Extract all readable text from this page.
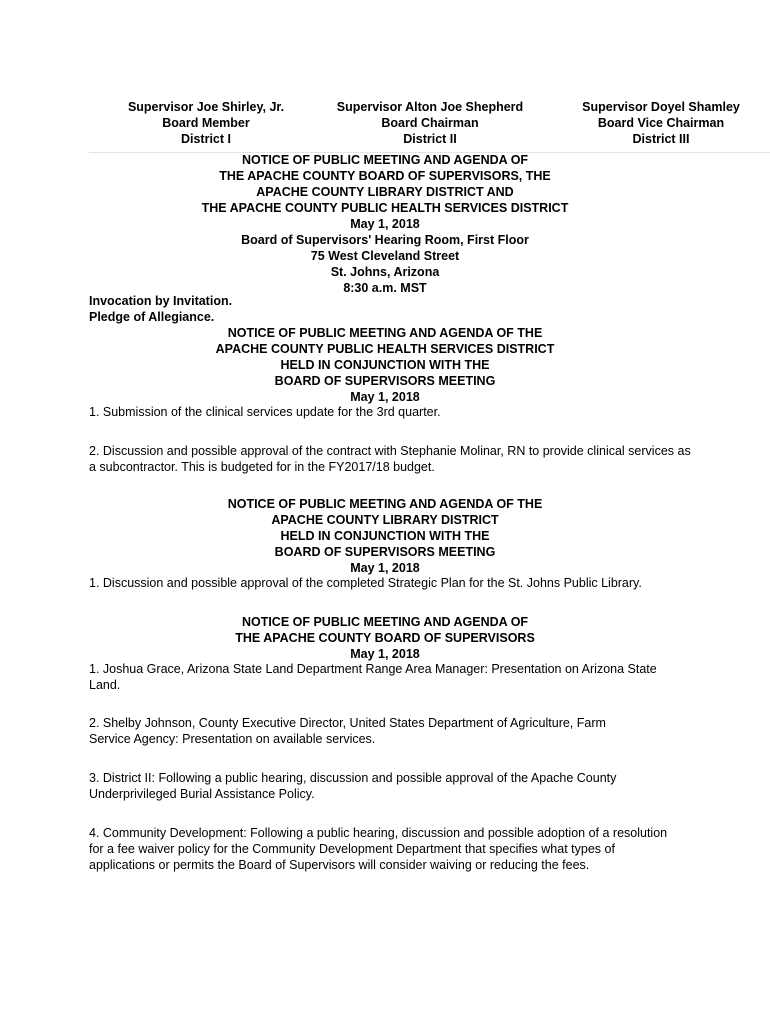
Supervisor Joe Shirley, Jr.
Board Member
District I
Supervisor Alton Joe Shepherd
Board Chairman
District II
Supervisor Doyel Shamley
Board Vice Chairman
District III
NOTICE OF PUBLIC MEETING AND AGENDA OF
THE APACHE COUNTY BOARD OF SUPERVISORS, THE
APACHE COUNTY LIBRARY DISTRICT AND
THE APACHE COUNTY PUBLIC HEALTH SERVICES DISTRICT
May 1, 2018
Board of Supervisors' Hearing Room, First Floor
75 West Cleveland Street
St. Johns, Arizona
8:30 a.m. MST
Invocation by Invitation.
Pledge of Allegiance.
NOTICE OF PUBLIC MEETING AND AGENDA OF THE
APACHE COUNTY PUBLIC HEALTH SERVICES DISTRICT
HELD IN CONJUNCTION WITH THE
BOARD OF SUPERVISORS MEETING
May 1, 2018

1. Submission of the clinical services update for the 3rd quarter.

2. Discussion and possible approval of the contract with Stephanie Molinar, RN to provide clinical services as a subcontractor. This is budgeted for in the FY2017/18 budget.

NOTICE OF PUBLIC MEETING AND AGENDA OF THE
APACHE COUNTY LIBRARY DISTRICT
HELD IN CONJUNCTION WITH THE
BOARD OF SUPERVISORS MEETING
May 1, 2018

1. Discussion and possible approval of the completed Strategic Plan for the St. Johns Public Library.

NOTICE OF PUBLIC MEETING AND AGENDA OF
THE APACHE COUNTY BOARD OF SUPERVISORS
May 1, 2018

1. Joshua Grace, Arizona State Land Department Range Area Manager: Presentation on Arizona State Land.

2. Shelby Johnson, County Executive Director, United States Department of Agriculture, Farm Service Agency: Presentation on available services.

3. District II: Following a public hearing, discussion and possible approval of the Apache County Underprivileged Burial Assistance Policy.

4. Community Development: Following a public hearing, discussion and possible adoption of a resolution for a fee waiver policy for the Community Development Department that specifies what types of applications or permits the Board of Supervisors will consider waiving or reducing the fees.
